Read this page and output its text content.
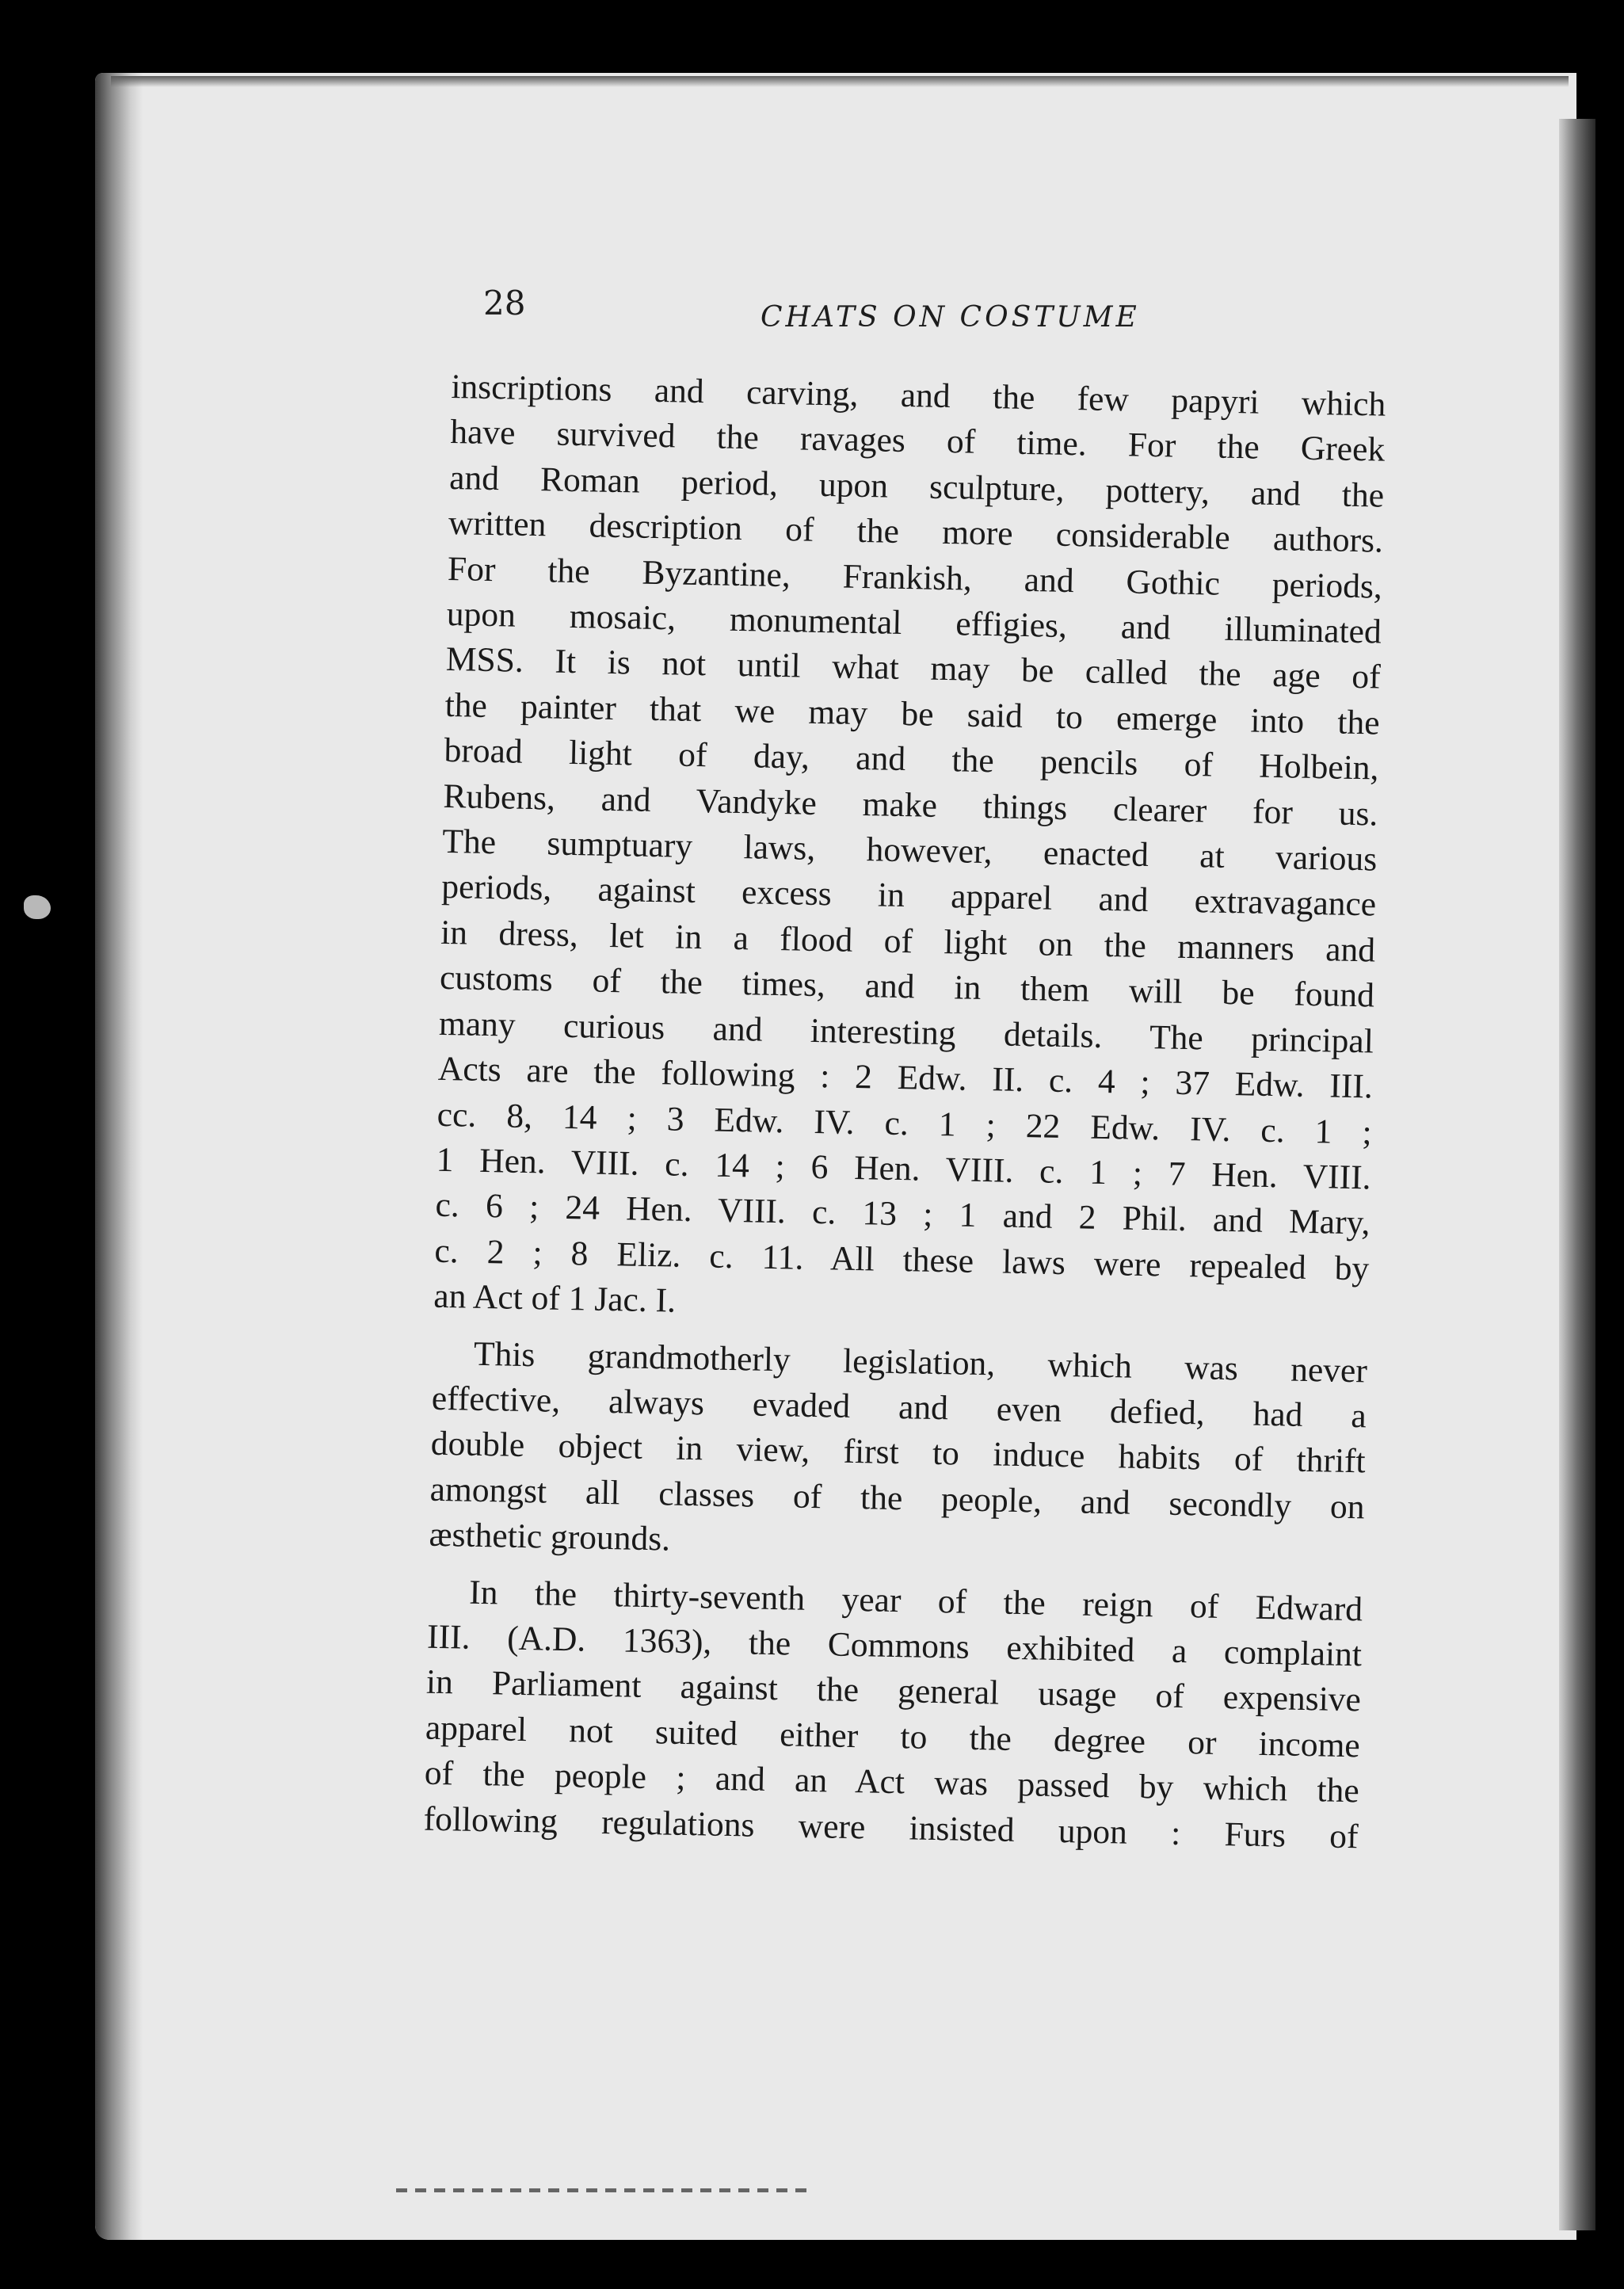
28	CHATS ON COSTUME
inscriptions and carving, and the few papyri which
have survived the ravages of time. For the Greek
and Roman period, upon sculpture, pottery, and the
written description of the more considerable authors.
For the Byzantine, Frankish, and Gothic periods,
upon mosaic, monumental effigies, and illuminated
MSS. It is not until what may be called the age of
the painter that we may be said to emerge into the
broad light of day, and the pencils of Holbein,
Rubens, and Vandyke make things clearer for us.
The sumptuary laws, however, enacted at various
periods, against excess in apparel and extravagance
in dress, let in a flood of light on the manners and
customs of the times, and in them will be found
many curious and interesting details. The principal
Acts are the following : 2 Edw. II. c. 4 ; 37 Edw. III.
cc. 8, 14 ; 3 Edw. IV. c. 1 ; 22 Edw. IV. c. 1 ;
1 Hen. VIII. c. 14 ; 6 Hen. VIII. c. 1 ; 7 Hen. VIII.
c. 6 ; 24 Hen. VIII. c. 13 ; 1 and 2 Phil. and Mary,
c. 2 ; 8 Eliz. c. 11. All these laws were repealed by
an Act of 1 Jac. I.
This grandmotherly legislation, which was never
effective, always evaded and even defied, had a
double object in view, first to induce habits of thrift
amongst all classes of the people, and secondly on
æsthetic grounds.
In the thirty-seventh year of the reign of Edward
III. (A.D. 1363), the Commons exhibited a complaint
in Parliament against the general usage of expensive
apparel not suited either to the degree or income
of the people ; and an Act was passed by which the
following regulations were insisted upon : Furs of
